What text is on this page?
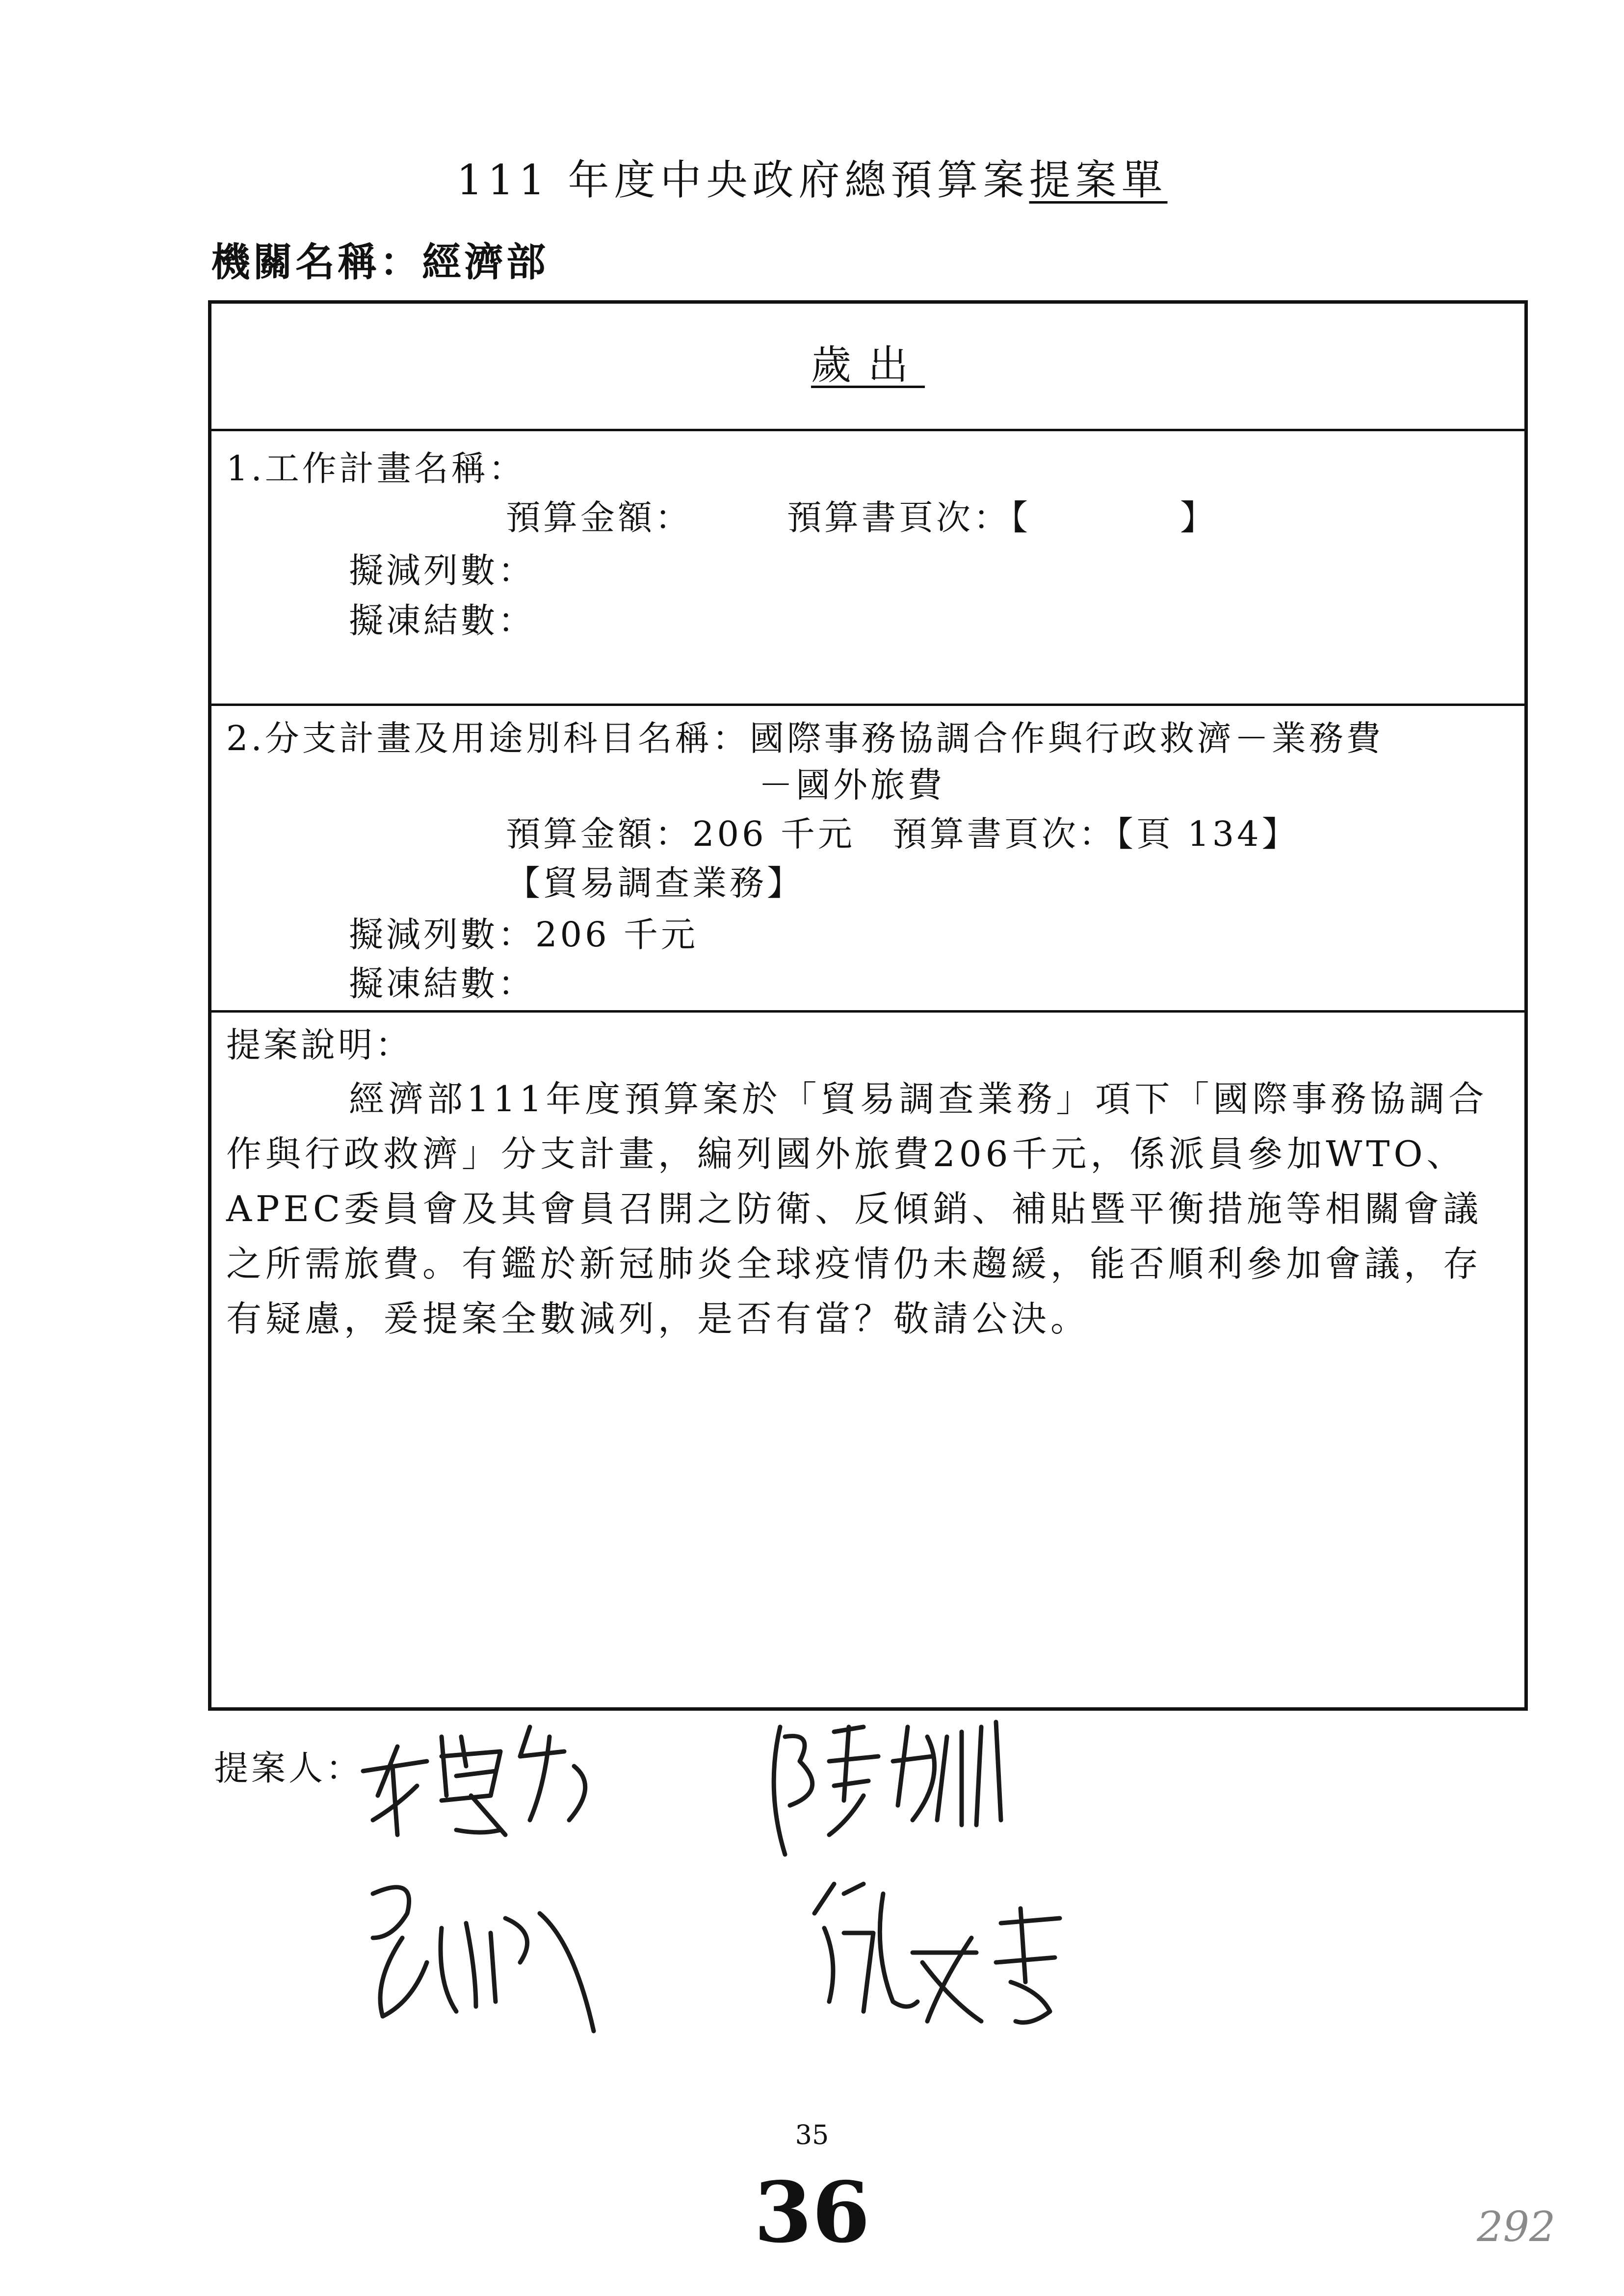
111 年度中央政府總預算案提案單
機關名稱：經濟部
歲出
1.工作計畫名稱：
預算金額：　　　預算書頁次：【　　　　】
擬減列數：
擬凍結數：
2.分支計畫及用途別科目名稱：國際事務協調合作與行政救濟－業務費
－國外旅費
預算金額：206 千元　預算書頁次：【頁 134】
【貿易調查業務】
擬減列數：206 千元
擬凍結數：
提案說明：
經濟部111年度預算案於「貿易調查業務」項下「國際事務協調合作與行政救濟」分支計畫，編列國外旅費206千元，係派員參加WTO、APEC委員會及其會員召開之防衛、反傾銷、補貼暨平衡措施等相關會議之所需旅費。有鑑於新冠肺炎全球疫情仍未趨緩，能否順利參加會議，存有疑慮，爰提案全數減列，是否有當？敬請公決。
提案人：
35
36	292
